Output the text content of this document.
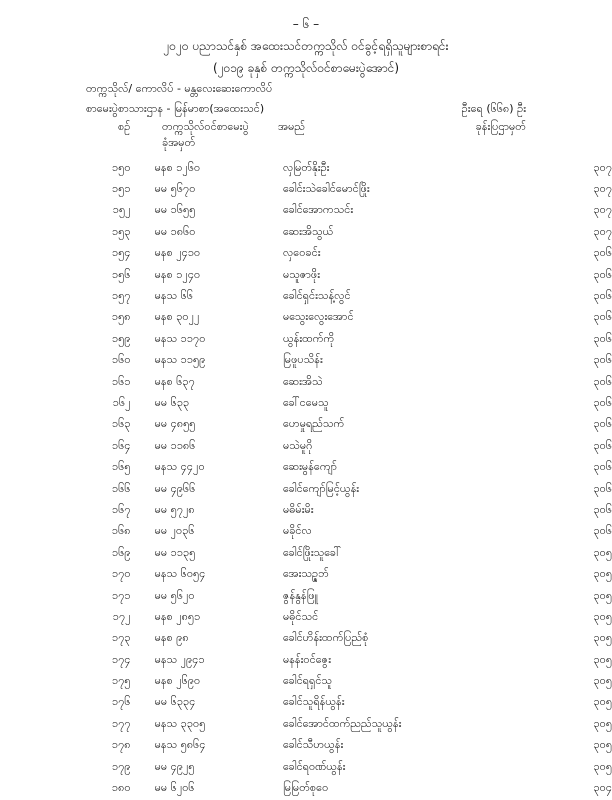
– ၆ –
၂၀၂၀ ပညာသင်နှစ် အထေးသင်တက္ကသိုလ် ဝင်ခွင့်ရရှိသူများစာရင်း
(၂၀၁၉ ခုနှစ် တက္ကသိုလ်ဝင်စာမေးပွဲအောင်)
တက္ကသိုလ်/ ကောလိပ် - မန္တလေးဆေးကောလိပ်
စာမေးပွဲစာသားဌာန - မြန်မာစာ(အထေးသင်)	ဦးရေ (၆၆၈) ဦး
စဉ်	တက္ကသိုလ်ဝင်စာမေးပွဲ
ခုံအမှတ်
အမည်	ခုန်းပြဌာမှတ်
၁၅၀	မနစ ၁၂၆၀	လှမြတ်နိုးဦး	၃၀၇
၁၅၁	မမ ၅၆၇၀	ခေါင်းသဲခေါင်မောင်ဖြိုး	၃၀၇
၁၅၂	မမ ၁၆၅၅	ခေါင်အောကသင်း	၃၀၇
၁၅၃	မမ ၁၈၆၀	ဆေးအိသွယ်	၃၀၇
၁၅၄	မနစ ၂၄၁၀	လှဝေခင်း	၃၀၆
၁၅၆	မနစ ၁၂၄၀	မသူဇာဖိုး	၃၀၆
၁၅၇	မနသ ၆၆	ခေါင်ရှင်းသန့်လွင်	၃၀၆
၁၅၈	မနစ ၃၀၂၂	မသွေးလွေးအောင်	၃၀၆
၁၅၉	မနသ ၁၁၇၀	ယွန်းထက်ကို	၃၀၆
၁၆၀	မနသ ၁၁၅၉	မြဖူပသိန်း	၃၀၆
၁၆၁	မနစ ၆၃၇	ဆေးအိသဲ	၃၀၆
၁၆၂	မမ ၆၃၃	ခေါ်ငမေသူ	၃၀၆
၁၆၃	မမ ၄၈၅၅	ဟေမှုရည်သက်	၃၀၆
၁၆၄	မမ ၁၁၈၆	မသဲမူဂို	၃၀၆
၁၆၅	မနသ ၄၄၂၀	ဆေးမွန်ကျော်	၃၀၆
၁၆၆	မမ ၄၉၆၆	ခေါင်ကျော်မြင့်ယွန်း	၃၀၆
၁၆၇	မမ ၅၇၂၈	မဓိမ်းမိး	၃၀၆
၁၆၈	မမ ၂၀၃၆	မခိုင်လ	၃၀၆
၁၆၉	မမ ၁၁၃၅	ခေါင်ဖြိုးသူခေါ်	၃၀၅
၁၇၀	မနသ ၆၀၅၄	အေးသဉ္ဇဘ်	၃၀၅
၁၇၁	မမ ၅၆၂၀	ဇွန်နွန်ဖြူ	၃၀၅
၁၇၂	မနစ ၂၈၅၁	မဓိုင်သင်	၃၀၅
၁၇၃	မနစ ၉၈	ခေါင်ဟိန်းထက်ပြည်စုံ	၃၀၅
၁၇၄	မနသ ၂၉၄၁	မနန်းဝင်ဇွေး	၃၀၅
၁၇၅	မနစ ၂၆၉၀	ခေါင်ရရှင်သူ	၃၀၅
၁၇၆	မမ ၆၃၃၄	ခေါင်သူရိန်ယွန်း	၃၀၅
၁၇၇	မနသ ၃၃၀၅	ခေါင်အောင်ထက်ညည်သူယွန်း	၃၀၅
၁၇၈	မနသ ၅၈၆၄	ခေါင်သီဟယွန်း	၃၀၅
၁၇၉	မမ ၄၉၂၅	ခေါင်ရဝဏ်ယွန်း	၃၀၅
၁၈၀	မမ ၆၂၀၆	မြမြတ်စုဝေ	၃၀၄
